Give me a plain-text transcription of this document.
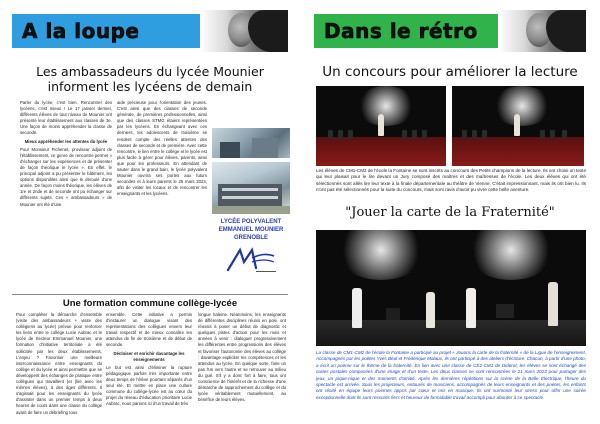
A la loupe
Les ambassadeurs du lycée Mounier informent les lycéens de demain

Parler du lycée, c'est bien. Rencontrer des lycéens, c'est mieux ! Le 17 janvier dernier, différents élèves de tout niveau de Mounier ont présenté leur établissement aux classes de 3e. Une façon de moins appréhender la classe de seconde.

Mieux appréhender les attentes du lycée

Pour Monsieur Pichenet, proviseur adjoint de l'établissement, ce genre de rencontre permet « d'échanger sur les expériences et de présenter de façon théorique le lycée ». En effet, le principal adjoint a pu présenter le bâtiment, les options disponibles ainsi que le déroulé d'une année. De façon moins théorique, les élèves de 1re et 2nde et de seconde ont pu échanger sur différents sujets. Ces « ambassadeurs » de Mounier ont été d'une

aide précieuse pour l'orientation des jeunes. C'est ainsi que des classes de seconde générale, de premières professionnelles, ainsi que des classes STMG étaient représentées par les lycéens. En échangeant avec ces derniers, les adolescents de troisième se rendent compte des réelles attentes des classes de seconde et de première. Avec cette rencontre, le lien entre le collège et le lycée est plus facile à gérer pour élèves, parents, ainsi que pour les professeurs. En attendant de sauter dans le grand bain, le lycée polyvalent Mounier ouvrira ses portes aux futurs secondes et à leurs parents le 25 mars 2023, afin de visiter les locaux et de rencontrer les enseignants et les lycéens.

LYCÉE POLYVALENT EMMANUEL MOUNIER GRENOBLE
Une formation commune collège-lycée

Pour compléter la démarche d'ensemble (visite des ambassadeurs + visite des collégiens au lycée) prévue pour renforcer les liens entre le collège Lucie Aubrac et le lycée de Secteur Emmanuel Mounier, une formation d'initiative territoriale a été sollicitée par les deux établissements. L'enjeu ? Favoriser une meilleure interconnaissance entre enseignants du collège et du lycée et ainsi permettre que se développent des échanges de pratique entre collègues qui travaillent (et (lire avec les mêmes élèves), à des âges différents. Il s'agissait pour les enseignants du lycée d'assister dans un premier temps à deux heures de cours dans une classe du collège avant de faire un débriefing tous

ensemble. Cette initiative a permis d'instaurer un dialogue visant des représentations des collègues envers leur travail respectif et de mieux connaître les attendus de fin de troisième et de début de seconde.

Décloiser et enrichir davantage les enseignements

Le but est ainsi d'éliminer la rupture pédagogique parfois très importante entre deux temps de l'élève pourtant séparés d'un seul été. Et mettre en place une culture commune du collège-lycée est au cœur du projet du réseau d'éducation prioritaire Lucie Aubrac, nous parions ici d'un travail de très

longue haleine. Néanmoins, les enseignants de différentes disciplines réunis en pole, ont réussis à poser un début de diagnostic et quelques pistes d'action pour les mois et années à venir : dialoguer progressivement les différentes entre progressions des élèves et favoriser l'autonomie des élèves au collège : davantage expliciter les compétences et les attendus au lycée. En quelque sorte, faire un pas l'un vers l'autre et se retrouver au milieu du gué. S'il y a donc fort à faire, tous ont conscience de l'intérêt et de la richesse d'une démarche de rapprochement du collège et du lycée véritablement mutuellement, au bénéfice de leurs élèves.

Dans le rétro
Un concours pour améliorer la lecture
Les élèves de CM1-CM2 de l'école la Fontaine se sont inscrits au concours des Petits champions de la lecture. Ils ont choisi un texte qui leur plaisait pour le lire devant un Jury composé des maîtres et des maîtresses de l'école. Les deux élèves qui ont été sélectionnés sont allés lire leur texte à la finale départementale au théâtre de Vienne. C'était impressionnant, mais ils ont bien lu. Ils n'ont pas été sélectionnés pour la suite du concours, mais sont ravis d'avoir pu vivre cette belle aventure.
"Jouer la carte de la Fraternité"
La classe de CM1-CM2 de l'école la Fontaine a participé au projet « Jouons la carte de la fraternité » de la Ligue de l'enseignement. Accompagnés par les poètes Yves Béal et Frédérique Malaux, ils ont participé à des ateliers d'écriture. Chacun, à partir d'une photo, a écrit un poème sur le thème de la fraternité. En lien avec une classe de CE2-CM1 de Diderot, les élèves se sont échangé des cartes postales composées d'une image et d'un texte. Les deux classes se sont rencontrées le 21 mars 2023 pour partager des jeux, un pique-nique et des moments d'amitié. Après les dernières répétitions sur la scène de la Belle Électrique, l'heure du spectacle est arrivée. Sous les projecteurs, entourés de musiciens, accompagnés de leurs enseignants et des poètes, les enfants ont récité en équipe leurs poèmes appris par cœur et mis en musique. Ils ont surmonté leur stress pour offrir une soirée exceptionnelle dont ils sont ressortis fiers et heureux de formidable travail accompli pour aborder à ce spectacle.
